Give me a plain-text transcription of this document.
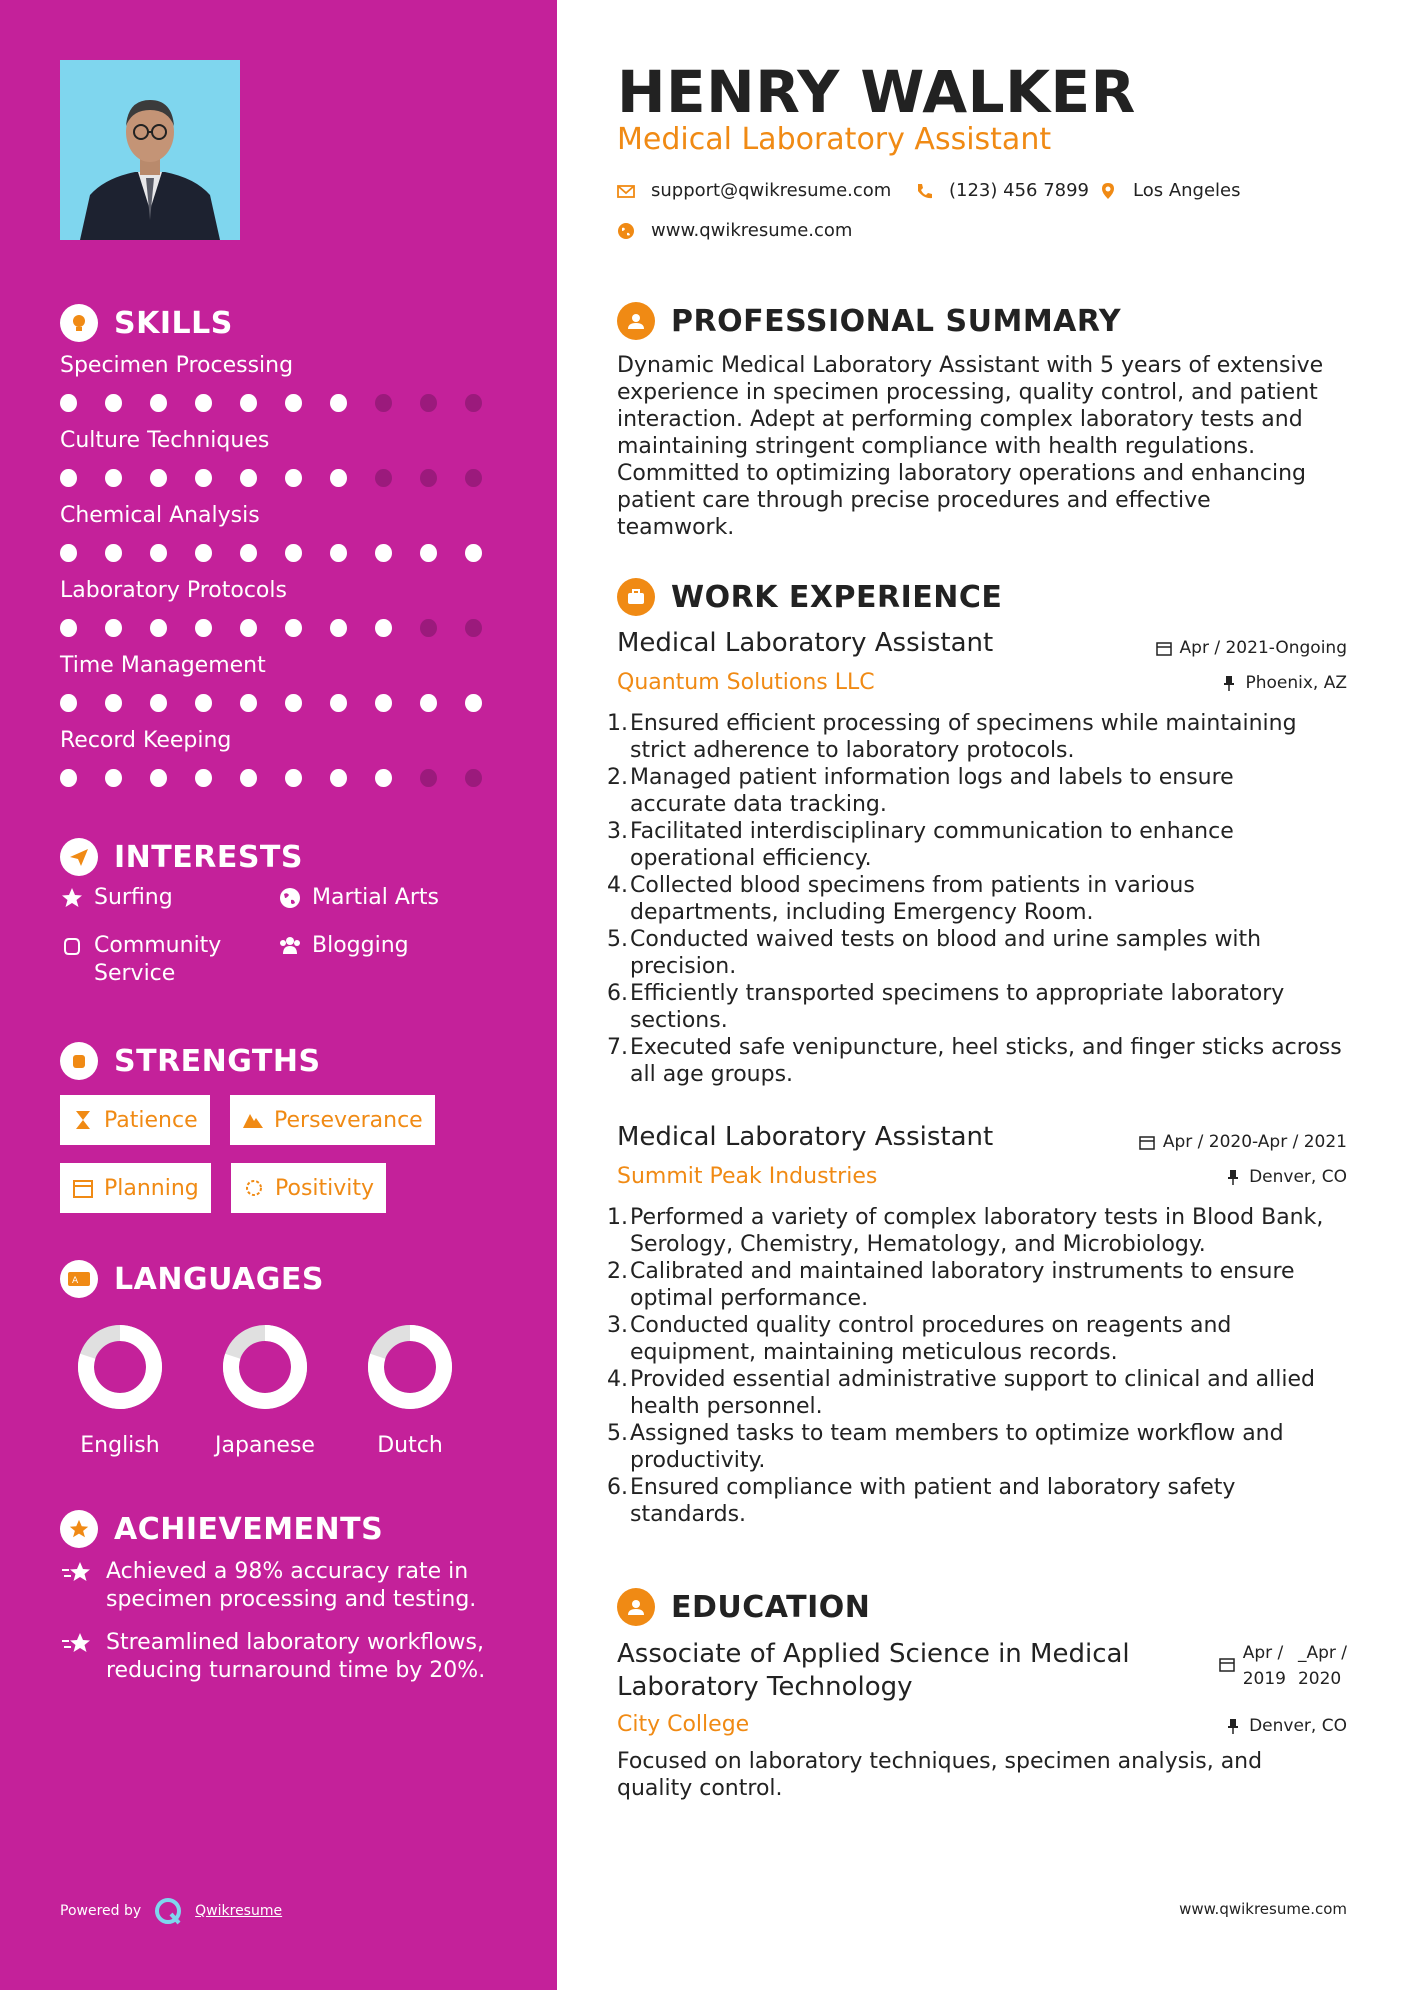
SKILLS
Specimen Processing
Culture Techniques
Chemical Analysis
Laboratory Protocols
Time Management
Record Keeping
INTERESTS
Surfing	Martial Arts
Community
Service
Blogging
STRENGTHS
Patience	Perseverance
Planning	Positivity
A LANGUAGES
English	Japanese	Dutch
ACHIEVEMENTS
Achieved a 98% accuracy rate in
specimen processing and testing.
Streamlined laboratory workflows,
reducing turnaround time by 20%.
Powered by	Qwikresume
HENRY WALKER
Medical Laboratory Assistant
support@qwikresume.com	(123) 456 7899 Los Angeles
www.qwikresume.com
PROFESSIONAL SUMMARY
Dynamic Medical Laboratory Assistant with 5 years of extensive
experience in specimen processing, quality control, and patient
interaction. Adept at performing complex laboratory tests and
maintaining stringent compliance with health regulations.
Committed to optimizing laboratory operations and enhancing
patient care through precise procedures and effective
teamwork.
WORK EXPERIENCE
Medical Laboratory Assistant
Quantum Solutions LLC
Apr / 2021-Ongoing
Phoenix, AZ
1. Ensured efficient processing of specimens while maintaining
strict adherence to laboratory protocols.
2. Managed patient information logs and labels to ensure
accurate data tracking.
3. Facilitated interdisciplinary communication to enhance
operational efficiency.
4. Collected blood specimens from patients in various
departments, including Emergency Room.
5. Conducted waived tests on blood and urine samples with
precision.
6. Efficiently transported specimens to appropriate laboratory
sections.
7. Executed safe venipuncture, heel sticks, and finger sticks across
all age groups.
Medical Laboratory Assistant
Summit Peak Industries
Apr / 2020-Apr / 2021
Denver, CO
1. Performed a variety of complex laboratory tests in Blood Bank,
Serology, Chemistry, Hematology, and Microbiology.
2. Calibrated and maintained laboratory instruments to ensure
optimal performance.
3. Conducted quality control procedures on reagents and
equipment, maintaining meticulous records.
4. Provided essential administrative support to clinical and allied
health personnel.
5. Assigned tasks to team members to optimize workflow and
productivity.
6. Ensured compliance with patient and laboratory safety
standards.
EDUCATION
Associate of Applied Science in Medical
Laboratory Technology
Apr /
2019
_Apr /
2020
City College	Denver, CO
Focused on laboratory techniques, specimen analysis, and
quality control.
www.qwikresume.com
